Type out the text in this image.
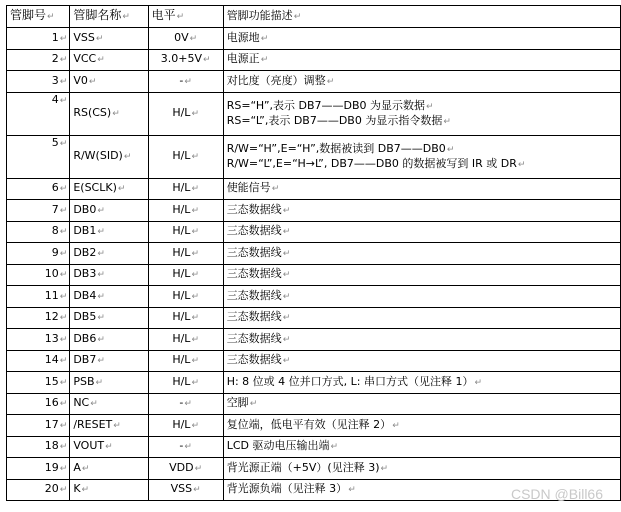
管脚号↵	管脚名称↵	电平↵	管脚功能描述↵
1↵	VSS↵	0V↵	电源地↵

2↵	VCC↵	3.0+5V↵	电源正↵

3↵	V0↵	-↵	对比度（亮度）调整↵

4↵	RS(CS)↵	H/L↵	RS=“H”,表示 DB7——DB0 为显示数据↵
RS=“L”,表示 DB7——DB0 为显示指令数据↵

5↵	R/W(SID)↵	H/L↵	R/W=“H”,E=“H”,数据被读到 DB7——DB0↵
R/W=“L”,E=“H→L”, DB7——DB0 的数据被写到 IR 或 DR↵

6↵	E(SCLK)↵	H/L↵	使能信号↵

7↵	DB0↵	H/L↵	三态数据线↵

8↵	DB1↵	H/L↵	三态数据线↵

9↵	DB2↵	H/L↵	三态数据线↵

10↵	DB3↵	H/L↵	三态数据线↵

11↵	DB4↵	H/L↵	三态数据线↵

12↵	DB5↵	H/L↵	三态数据线↵

13↵	DB6↵	H/L↵	三态数据线↵

14↵	DB7↵	H/L↵	三态数据线↵

15↵	PSB↵	H/L↵	H: 8 位或 4 位并口方式, L: 串口方式（见注释 1）↵

16↵	NC↵	-↵	空脚↵

17↵	/RESET↵	H/L↵	复位端，低电平有效（见注释 2）↵

18↵	VOUT↵	-↵	LCD 驱动电压输出端↵

19↵	A↵	VDD↵	背光源正端（+5V）(见注释 3)↵

20↵	K↵	VSS↵	背光源负端（见注释 3）↵	CSDN @Bill66
